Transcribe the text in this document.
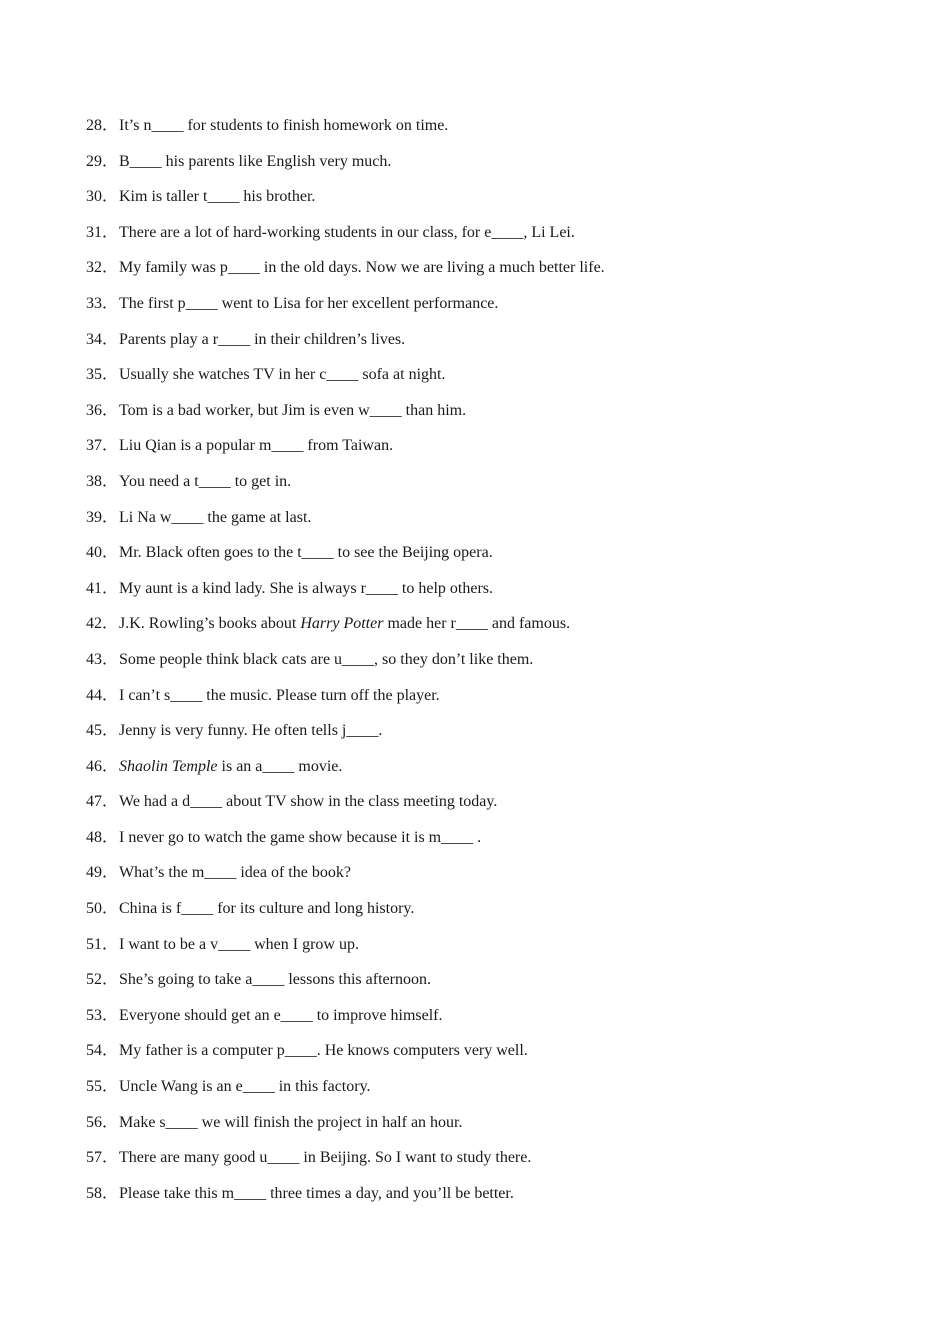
28．It’s n____ for students to finish homework on time.
29．B____ his parents like English very much.
30．Kim is taller t____ his brother.
31．There are a lot of hard-working students in our class, for e____, Li Lei.
32．My family was p____ in the old days. Now we are living a much better life.
33．The first p____ went to Lisa for her excellent performance.
34．Parents play a r____ in their children’s lives.
35．Usually she watches TV in her c____ sofa at night.
36．Tom is a bad worker, but Jim is even w____ than him.
37．Liu Qian is a popular m____ from Taiwan.
38．You need a t____ to get in.
39．Li Na w____ the game at last.
40．Mr. Black often goes to the t____ to see the Beijing opera.
41．My aunt is a kind lady. She is always r____ to help others.
42．J.K. Rowling’s books about Harry Potter made her r____ and famous.
43．Some people think black cats are u____, so they don’t like them.
44．I can’t s____ the music. Please turn off the player.
45．Jenny is very funny. He often tells j____.
46．Shaolin Temple is an a____ movie.
47．We had a d____ about TV show in the class meeting today.
48．I never go to watch the game show because it is m____ .
49．What’s the m____ idea of the book?
50．China is f____ for its culture and long history.
51．I want to be a v____ when I grow up.
52．She’s going to take a____ lessons this afternoon.
53．Everyone should get an e____ to improve himself.
54．My father is a computer p____. He knows computers very well.
55．Uncle Wang is an e____ in this factory.
56．Make s____ we will finish the project in half an hour.
57．There are many good u____ in Beijing. So I want to study there.
58．Please take this m____ three times a day, and you’ll be better.
